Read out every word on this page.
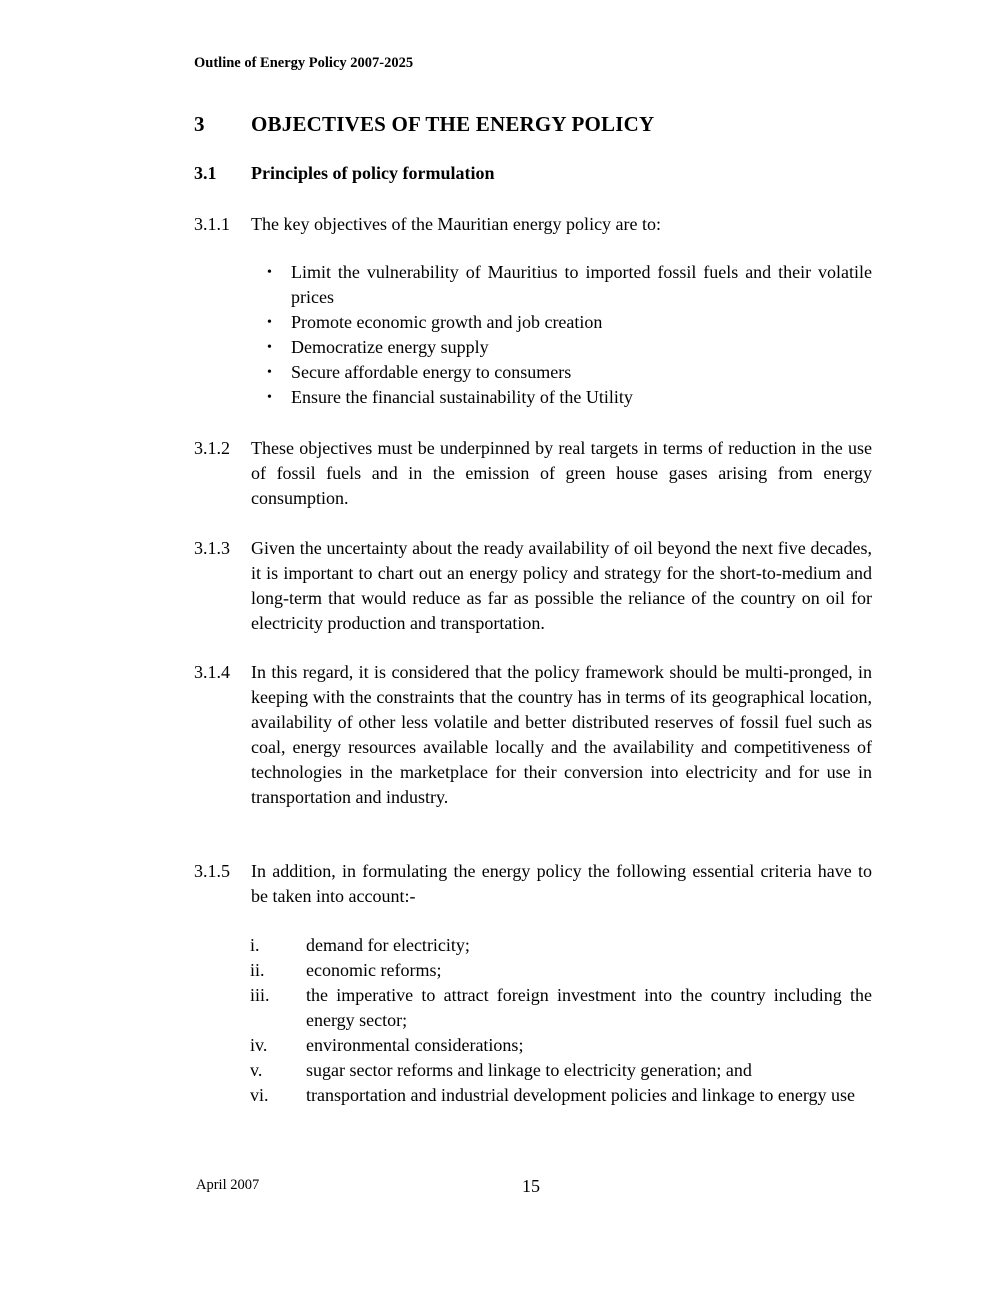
Outline of Energy Policy 2007-2025
3 OBJECTIVES OF THE ENERGY POLICY
3.1 Principles of policy formulation
3.1.1 The key objectives of the Mauritian energy policy are to:
• Limit the vulnerability of Mauritius to imported fossil fuels and their volatile prices
• Promote economic growth and job creation
• Democratize energy supply
• Secure affordable energy to consumers
• Ensure the financial sustainability of the Utility
3.1.2 These objectives must be underpinned by real targets in terms of reduction in the use of fossil fuels and in the emission of green house gases arising from energy consumption.
3.1.3 Given the uncertainty about the ready availability of oil beyond the next five decades, it is important to chart out an energy policy and strategy for the short-to-medium and long-term that would reduce as far as possible the reliance of the country on oil for electricity production and transportation.
3.1.4 In this regard, it is considered that the policy framework should be multi-pronged, in keeping with the constraints that the country has in terms of its geographical location, availability of other less volatile and better distributed reserves of fossil fuel such as coal, energy resources available locally and the availability and competitiveness of technologies in the marketplace for their conversion into electricity and for use in transportation and industry.
3.1.5 In addition, in formulating the energy policy the following essential criteria have to be taken into account:-
i.	demand for electricity;
ii. economic reforms;
iii. the imperative to attract foreign investment into the country including the energy sector;
iv. environmental considerations;
v. sugar sector reforms and linkage to electricity generation; and
vi. transportation and industrial development policies and linkage to energy use
April 2007	15
